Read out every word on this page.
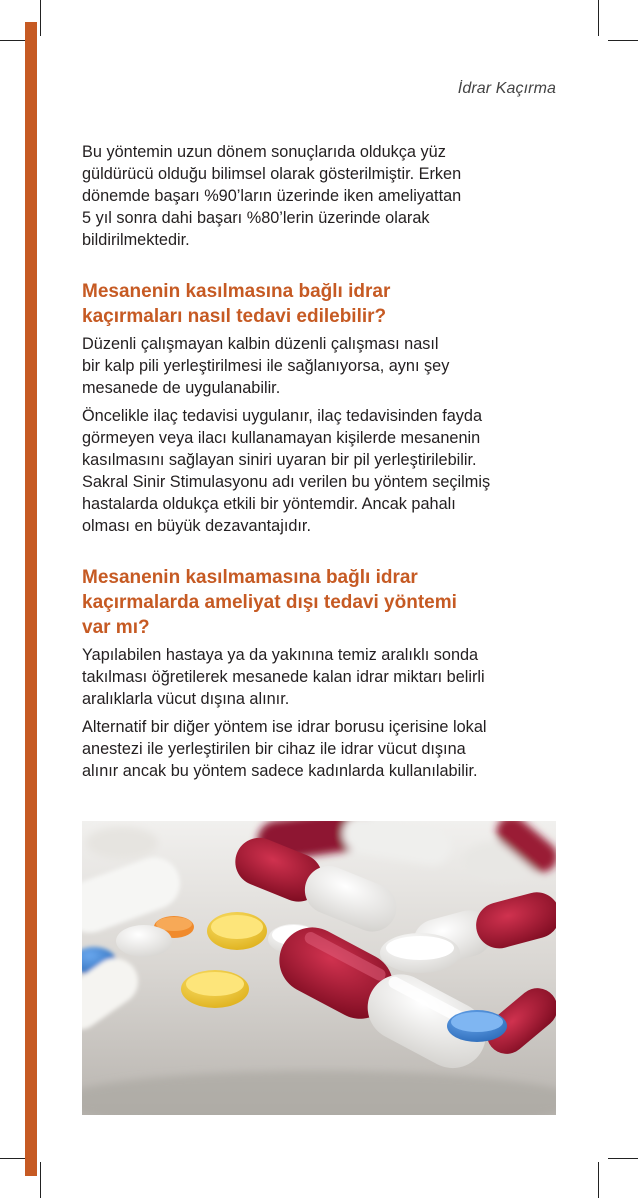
İdrar Kaçırma

Bu yöntemin uzun dönem sonuçlarıda oldukça yüz
güldürücü olduğu bilimsel olarak gösterilmiştir. Erken
dönemde başarı %90’ların üzerinde iken ameliyattan
5 yıl sonra dahi başarı %80’lerin üzerinde olarak
bildirilmektedir.

Mesanenin kasılmasına bağlı idrar
kaçırmaları nasıl tedavi edilebilir?

Düzenli çalışmayan kalbin düzenli çalışması nasıl
bir kalp pili yerleştirilmesi ile sağlanıyorsa, aynı şey
mesanede de uygulanabilir.

Öncelikle ilaç tedavisi uygulanır, ilaç tedavisinden fayda
görmeyen veya ilacı kullanamayan kişilerde mesanenin
kasılmasını sağlayan siniri uyaran bir pil yerleştirilebilir.
Sakral Sinir Stimulasyonu adı verilen bu yöntem seçilmiş
hastalarda oldukça etkili bir yöntemdir. Ancak pahalı
olması en büyük dezavantajıdır.

Mesanenin kasılmamasına bağlı idrar
kaçırmalarda ameliyat dışı tedavi yöntemi
var mı?

Yapılabilen hastaya ya da yakınına temiz aralıklı sonda
takılması öğretilerek mesanede kalan idrar miktarı belirli
aralıklarla vücut dışına alınır.

Alternatif bir diğer yöntem ise idrar borusu içerisine lokal
anestezi ile yerleştirilen bir cihaz ile idrar vücut dışına
alınır ancak bu yöntem sadece kadınlarda kullanılabilir.
